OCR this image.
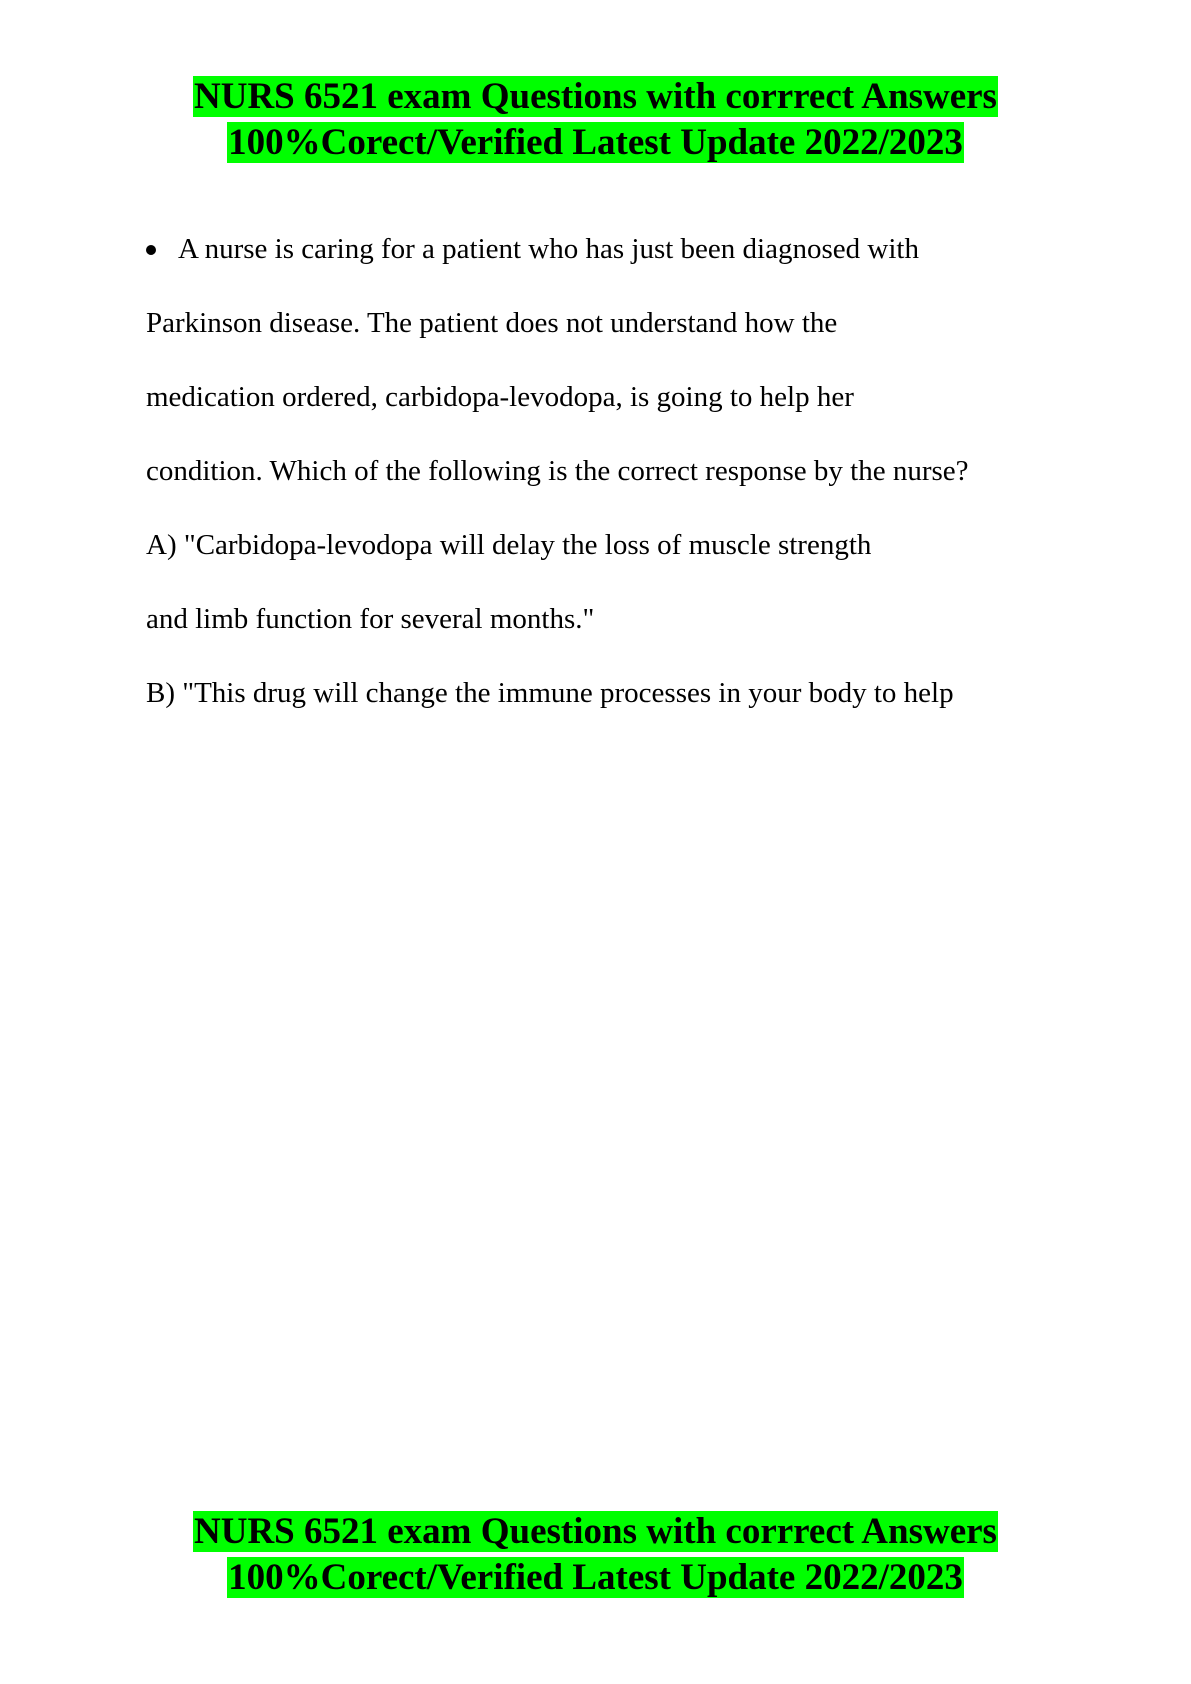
NURS 6521 exam Questions with corrrect Answers
100%Corect/Verified Latest Update 2022/2023
A nurse is caring for a patient who has just been diagnosed with
Parkinson disease. The patient does not understand how the
medication ordered, carbidopa-levodopa, is going to help her
condition. Which of the following is the correct response by the nurse?
A) "Carbidopa-levodopa will delay the loss of muscle strength
and limb function for several months."
B) "This drug will change the immune processes in your body to help
NURS 6521 exam Questions with corrrect Answers
100%Corect/Verified Latest Update 2022/2023
